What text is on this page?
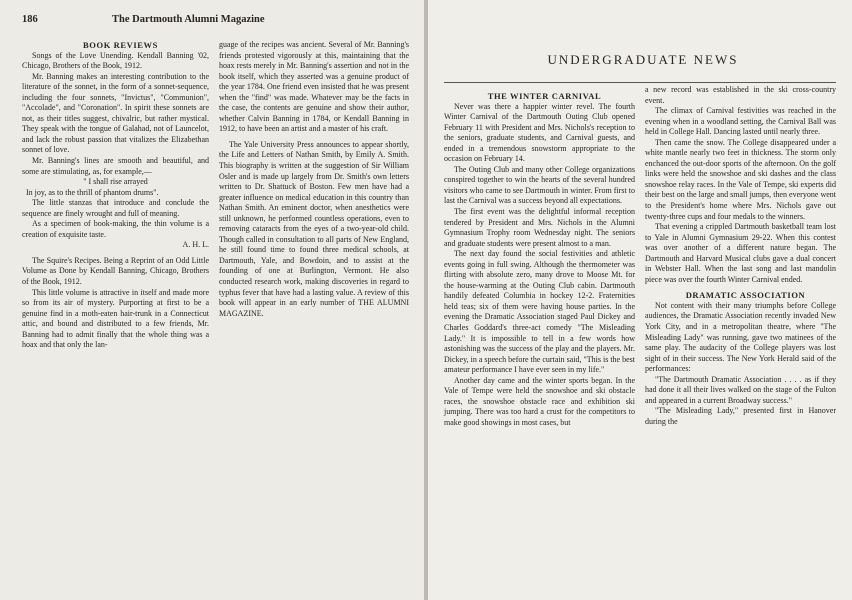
186	The Dartmouth Alumni Magazine

BOOK REVIEWS

Songs of the Love Unending. Kendall Banning '02, Chicago, Brothers of the Book, 1912.

Mr. Banning makes an interesting contribution to the literature of the sonnet, in the form of a sonnet-sequence, including the four sonnets, "Invictus", "Communion", "Accolade", and "Coronation". In spirit these sonnets are not, as their titles suggest, chivalric, but rather mystical. They speak with the tongue of Galahad, not of Launcelot, and lack the robust passion that vitalizes the Elizabethan sonnet of love.

Mr. Banning's lines are smooth and beautiful, and some are stimulating, as, for example,—

" I shall rise arrayed

In joy, as to the thrill of phantom drums".

The little stanzas that introduce and conclude the sequence are finely wrought and full of meaning.

As a specimen of book-making, the thin volume is a creation of exquisite taste.

A. H. L.

The Squire's Recipes. Being a Reprint of an Odd Little Volume as Done by Kendall Banning, Chicago, Brothers of the Book, 1912.

This little volume is attractive in itself and made more so from its air of mystery. Purporting at first to be a genuine find in a moth-eaten hair-trunk in a Connecticut attic, and bound and distributed to a few friends, Mr. Banning had to admit finally that the whole thing was a hoax and that only the lan-

guage of the recipes was ancient. Several of Mr. Banning's friends protested vigorously at this, maintaining that the hoax rests merely in Mr. Banning's assertion and not in the book itself, which they asserted was a genuine product of the year 1784. One friend even insisted that he was present when the "find" was made. Whatever may be the facts in the case, the contents are genuine and show their author, whether Calvin Banning in 1784, or Kendall Banning in 1912, to have been an artist and a master of his craft.

The Yale University Press announces to appear shortly, the Life and Letters of Nathan Smith, by Emily A. Smith. This biography is written at the suggestion of Sir William Osler and is made up largely from Dr. Smith's own letters written to Dr. Shattuck of Boston. Few men have had a greater influence on medical education in this country than Nathan Smith. An eminent doctor, when anesthetics were still unknown, he performed countless operations, even to removing cataracts from the eyes of a two-year-old child. Though called in consultation to all parts of New England, he still found time to found three medical schools, at Dartmouth, Yale, and Bowdoin, and to assist at the founding of one at Burlington, Vermont. He also conducted research work, making discoveries in regard to typhus fever that have had a lasting value. A review of this book will appear in an early number of THE ALUMNI MAGAZINE.

UNDERGRADUATE NEWS

THE WINTER CARNIVAL

Never was there a happier winter revel. The fourth Winter Carnival of the Dartmouth Outing Club opened February 11 with President and Mrs. Nichols's reception to the seniors, graduate students, and Carnival guests, and ended in a tremendous snowstorm appropriate to the occasion on February 14.

The Outing Club and many other College organizations conspired together to win the hearts of the several hundred visitors who came to see Dartmouth in winter. From first to last the Carnival was a success beyond all expectations.

The first event was the delightful informal reception tendered by President and Mrs. Nichols in the Alumni Gymnasium Trophy room Wednesday night. The seniors and graduate students were present almost to a man.

The next day found the social festivities and athletic events going in full swing. Although the thermometer was flirting with absolute zero, many drove to Moose Mt. for the house-warming at the Outing Club cabin. Dartmouth handily defeated Columbia in hockey 12-2. Fraternities held teas; six of them were having house parties. In the evening the Dramatic Association staged Paul Dickey and Charles Goddard's three-act comedy "The Misleading Lady." It is impossible to tell in a few words how astonishing was the success of the play and the players. Mr. Dickey, in a speech before the curtain said, "This is the best amateur performance I have ever seen in my life."

Another day came and the winter sports began. In the Vale of Tempe were held the snowshoe and ski obstacle races, the snowshoe obstacle race and exhibition ski jumping. There was too hard a crust for the competitors to make good showings in most cases, but

a new record was established in the ski cross-country event.

The climax of Carnival festivities was reached in the evening when in a woodland setting, the Carnival Ball was held in College Hall. Dancing lasted until nearly three.

Then came the snow. The College disappeared under a white mantle nearly two feet in thickness. The storm only enchanced the out-door sports of the afternoon. On the golf links were held the snowshoe and ski dashes and the class snowshoe relay races. In the Vale of Tempe, ski experts did their best on the large and small jumps, then everyone went to the President's home where Mrs. Nichols gave out twenty-three cups and four medals to the winners.

That evening a crippled Dartmouth basketball team lost to Yale in Alumni Gymnasium 29-22. When this contest was over another of a different nature began. The Dartmouth and Harvard Musical clubs gave a dual concert in Webster Hall. When the last song and last mandolin piece was over the fourth Winter Carnival ended.

DRAMATIC ASSOCIATION

Not content with their many triumphs before College audiences, the Dramatic Association recently invaded New York City, and in a metropolitan theatre, where "The Misleading Lady" was running, gave two matinees of the same play. The audacity of the College players was lost sight of in their success. The New York Herald said of the performances:

"The Dartmouth Dramatic Association . . . . as if they had done it all their lives walked on the stage of the Fulton and appeared in a current Broadway success."

"The Misleading Lady," presented first in Hanover during the
